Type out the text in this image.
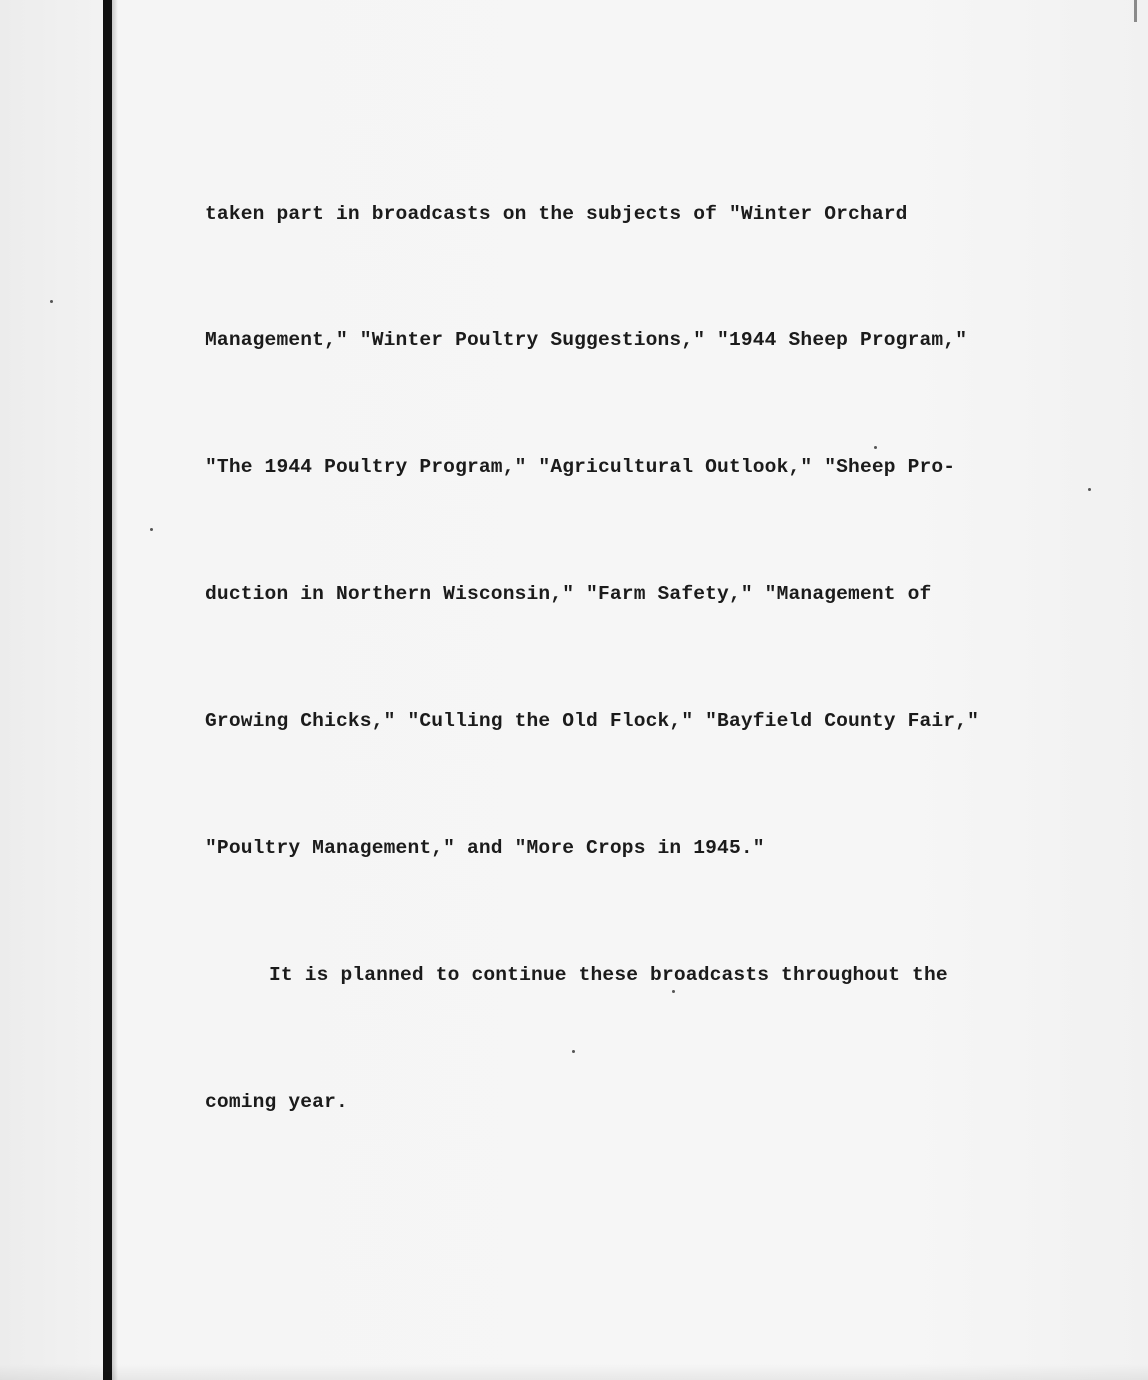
taken part in broadcasts on the subjects of "Winter Orchard

Management," "Winter Poultry Suggestions," "1944 Sheep Program,"

"The 1944 Poultry Program," "Agricultural Outlook," "Sheep Pro-

duction in Northern Wisconsin," "Farm Safety," "Management of

Growing Chicks," "Culling the Old Flock," "Bayfield County Fair,"

"Poultry Management," and "More Crops in 1945."

It is planned to continue these broadcasts throughout the

coming year.
